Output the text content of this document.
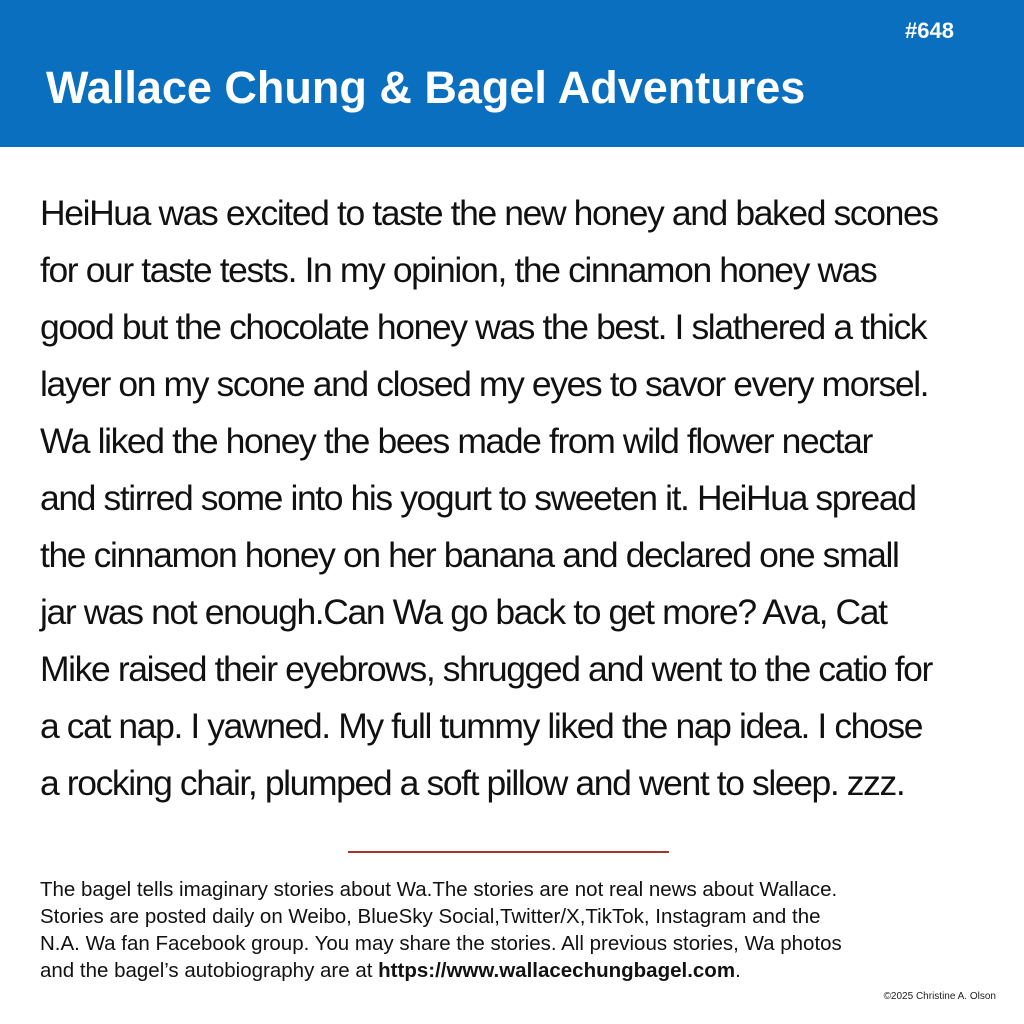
#648
Wallace Chung & Bagel Adventures
HeiHua was excited to taste the new honey and baked scones
for our taste tests. In my opinion, the cinnamon honey was
good but the chocolate honey was the best. I slathered a thick
layer on my scone and closed my eyes to savor every morsel.
Wa liked the honey the bees made from wild flower nectar
and stirred some into his yogurt to sweeten it. HeiHua spread
the cinnamon honey on her banana and declared one small
jar was not enough.Can Wa go back to get more? Ava, Cat
Mike raised their eyebrows, shrugged and went to the catio for
a cat nap. I yawned. My full tummy liked the nap idea. I chose
a rocking chair, plumped a soft pillow and went to sleep. zzz.
The bagel tells imaginary stories about Wa.The stories are not real news about Wallace.
Stories are posted daily on Weibo, BlueSky Social,Twitter/X,TikTok, Instagram and the
N.A. Wa fan Facebook group. You may share the stories. All previous stories, Wa photos
and the bagel’s autobiography are at https://www.wallacechungbagel.com.
©2025 Christine A. Olson
